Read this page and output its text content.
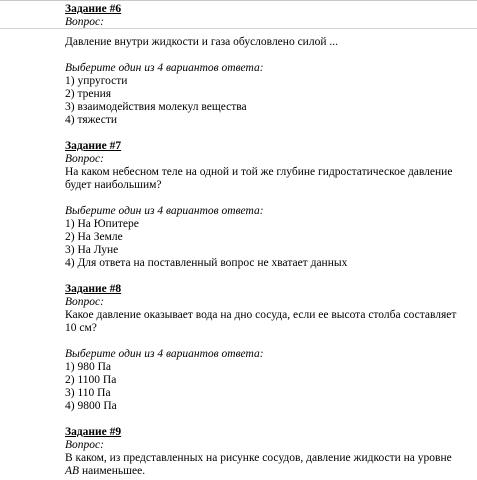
Задание #6
Вопрос:
Давление внутри жидкости и газа обусловлено силой ...
Выберите один из 4 вариантов ответа:
1) упругости
2) трения
3) взаимодействия молекул вещества
4) тяжести
Задание #7
Вопрос:
На каком небесном теле на одной и той же глубине гидростатическое давление
будет наибольшим?
Выберите один из 4 вариантов ответа:
1) На Юпитере
2) На Земле
3) На Луне
4) Для ответа на поставленный вопрос не хватает данных
Задание #8
Вопрос:
Какое давление оказывает вода на дно сосуда, если ее высота столба составляет
10 см?
Выберите один из 4 вариантов ответа:
1) 980 Па
2) 1100 Па
3) 110 Па
4) 9800 Па
Задание #9
Вопрос:
В каком, из представленных на рисунке сосудов, давление жидкости на уровне
АВ наименьшее.
